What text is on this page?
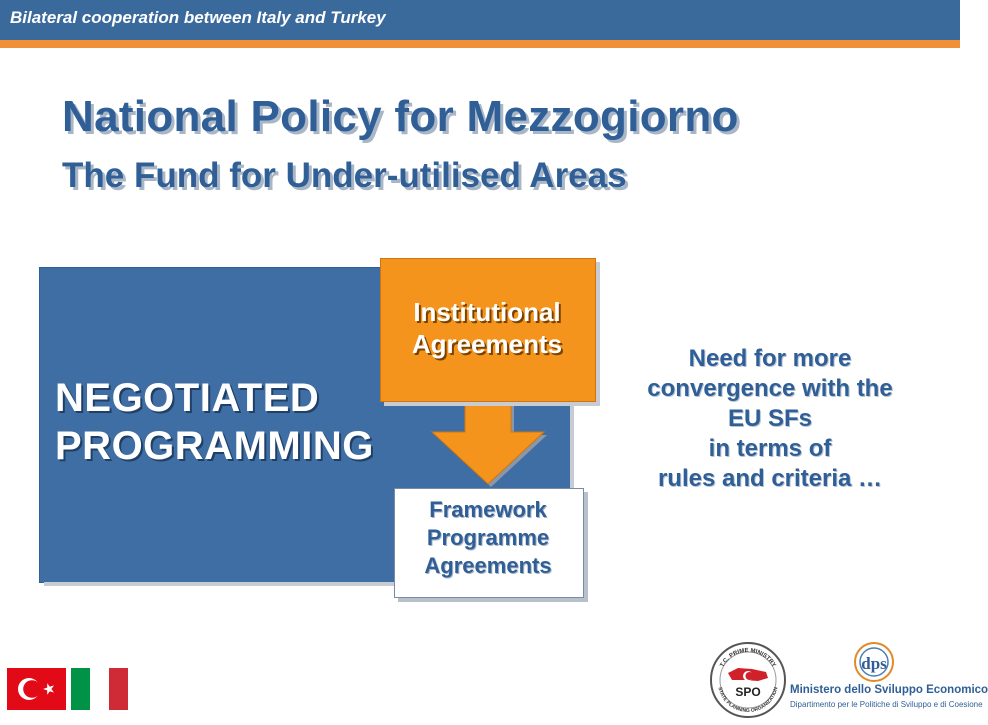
Bilateral cooperation between Italy and Turkey
National Policy for Mezzogiorno
The Fund for Under-utilised Areas
NEGOTIATED
PROGRAMMING
Institutional
Agreements
Framework
Programme
Agreements
Need for more
convergence with the
EU SFs
in terms of
rules and criteria …
T.C. PRIME MINISTRY
STATE PLANNING ORGANIZATION
SPO
dps
Ministero dello Sviluppo Economico
Dipartimento per le Politiche di Sviluppo e di Coesione
